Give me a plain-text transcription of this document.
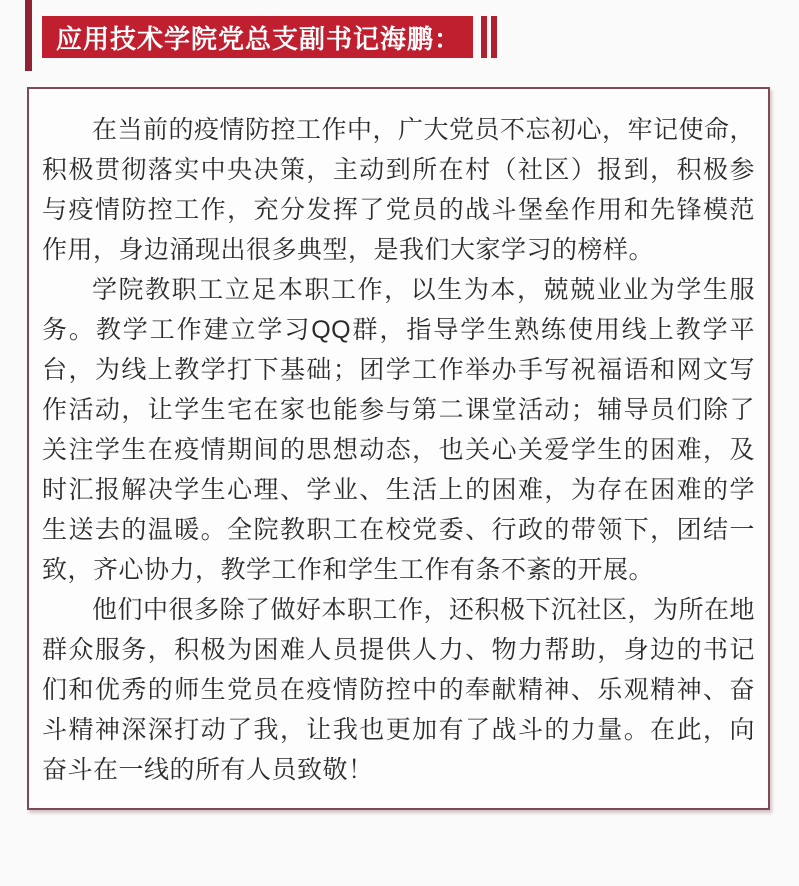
应用技术学院党总支副书记海鹏：

在当前的疫情防控工作中，广大党员不忘初心，牢记使命，积极贯彻落实中央决策，主动到所在村（社区）报到，积极参与疫情防控工作，充分发挥了党员的战斗堡垒作用和先锋模范作用，身边涌现出很多典型，是我们大家学习的榜样。

学院教职工立足本职工作，以生为本，兢兢业业为学生服务。教学工作建立学习QQ群，指导学生熟练使用线上教学平台，为线上教学打下基础；团学工作举办手写祝福语和网文写作活动，让学生宅在家也能参与第二课堂活动；辅导员们除了关注学生在疫情期间的思想动态，也关心关爱学生的困难，及时汇报解决学生心理、学业、生活上的困难，为存在困难的学生送去的温暖。全院教职工在校党委、行政的带领下，团结一致，齐心协力，教学工作和学生工作有条不紊的开展。

他们中很多除了做好本职工作，还积极下沉社区，为所在地群众服务，积极为困难人员提供人力、物力帮助，身边的书记们和优秀的师生党员在疫情防控中的奉献精神、乐观精神、奋斗精神深深打动了我，让我也更加有了战斗的力量。在此，向奋斗在一线的所有人员致敬！
